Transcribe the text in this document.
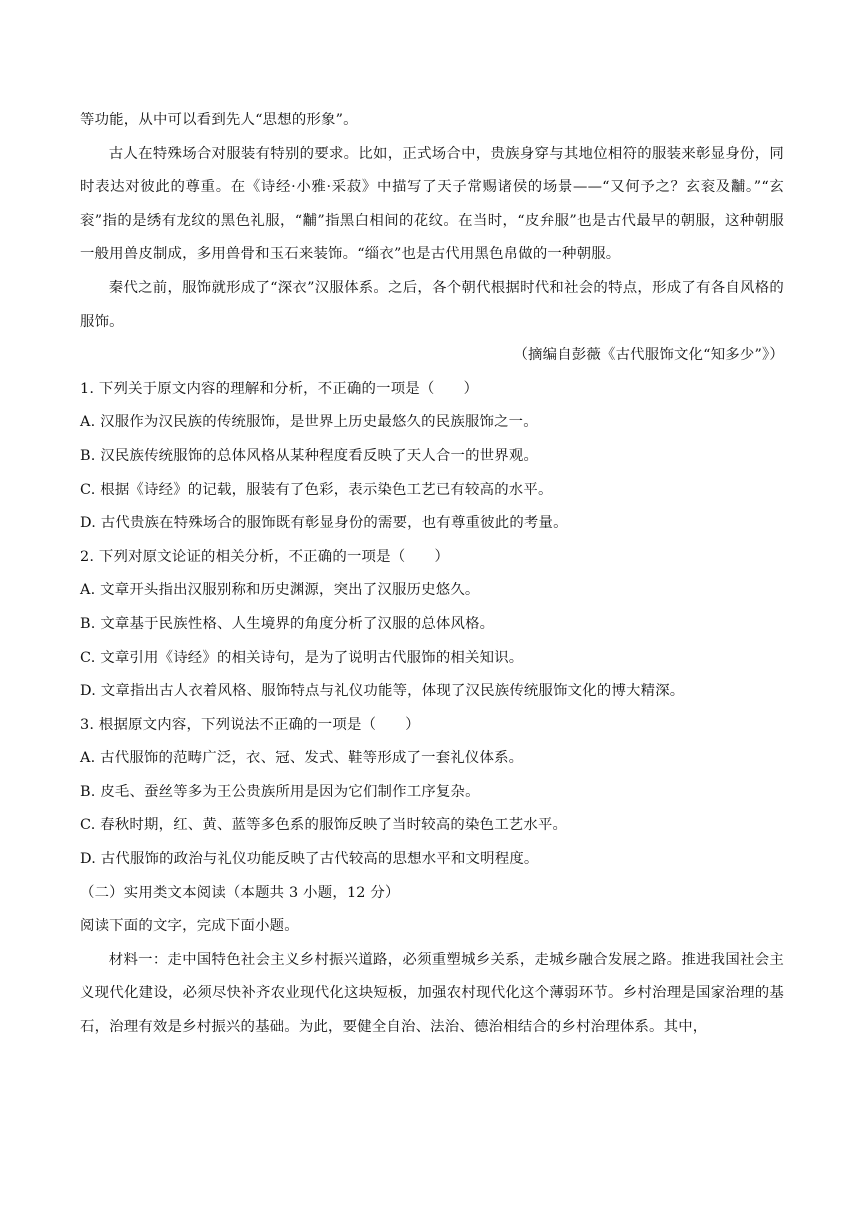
等功能，从中可以看到先人“思想的形象”。

古人在特殊场合对服装有特别的要求。比如，正式场合中，贵族身穿与其地位相符的服装来彰显身份，同时表达对彼此的尊重。在《诗经·小雅·采菽》中描写了天子常赐诸侯的场景——“又何予之？玄衮及黼。”“玄衮”指的是绣有龙纹的黑色礼服，“黼”指黑白相间的花纹。在当时，“皮弁服”也是古代最早的朝服，这种朝服一般用兽皮制成，多用兽骨和玉石来装饰。“缁衣”也是古代用黑色帛做的一种朝服。

秦代之前，服饰就形成了“深衣”汉服体系。之后，各个朝代根据时代和社会的特点，形成了有各自风格的服饰。

（摘编自彭薇《古代服饰文化“知多少”》）

1. 下列关于原文内容的理解和分析，不正确的一项是（　　）

A. 汉服作为汉民族的传统服饰，是世界上历史最悠久的民族服饰之一。

B. 汉民族传统服饰的总体风格从某种程度看反映了天人合一的世界观。

C. 根据《诗经》的记载，服装有了色彩，表示染色工艺已有较高的水平。

D. 古代贵族在特殊场合的服饰既有彰显身份的需要，也有尊重彼此的考量。

2. 下列对原文论证的相关分析，不正确的一项是（　　）

A. 文章开头指出汉服别称和历史渊源，突出了汉服历史悠久。

B. 文章基于民族性格、人生境界的角度分析了汉服的总体风格。

C. 文章引用《诗经》的相关诗句，是为了说明古代服饰的相关知识。

D. 文章指出古人衣着风格、服饰特点与礼仪功能等，体现了汉民族传统服饰文化的博大精深。

3. 根据原文内容，下列说法不正确的一项是（　　）

A. 古代服饰的范畴广泛，衣、冠、发式、鞋等形成了一套礼仪体系。

B. 皮毛、蚕丝等多为王公贵族所用是因为它们制作工序复杂。

C. 春秋时期，红、黄、蓝等多色系的服饰反映了当时较高的染色工艺水平。

D. 古代服饰的政治与礼仪功能反映了古代较高的思想水平和文明程度。

（二）实用类文本阅读（本题共 3 小题，12 分）

阅读下面的文字，完成下面小题。

材料一：走中国特色社会主义乡村振兴道路，必须重塑城乡关系，走城乡融合发展之路。推进我国社会主义现代化建设，必须尽快补齐农业现代化这块短板，加强农村现代化这个薄弱环节。乡村治理是国家治理的基石，治理有效是乡村振兴的基础。为此，要健全自治、法治、德治相结合的乡村治理体系。其中，
